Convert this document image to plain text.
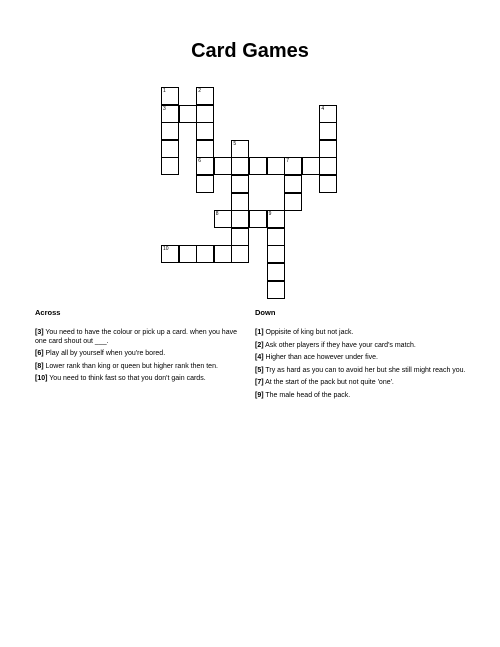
Card Games
1	2
3	4
5
6	7
8	9
10
Across

[3] You need to have the colour or pick up a card. when you have one card shout out ___.

[6] Play all by yourself when you're bored.

[8] Lower rank than king or queen but higher rank then ten.

[10] You need to think fast so that you don't gain cards.

Down

[1] Oppisite of king but not jack.

[2] Ask other players if they have your card's match.

[4] Higher than ace however under five.

[5] Try as hard as you can to avoid her but she still might reach you.

[7] At the start of the pack but not quite 'one'.

[9] The male head of the pack.
